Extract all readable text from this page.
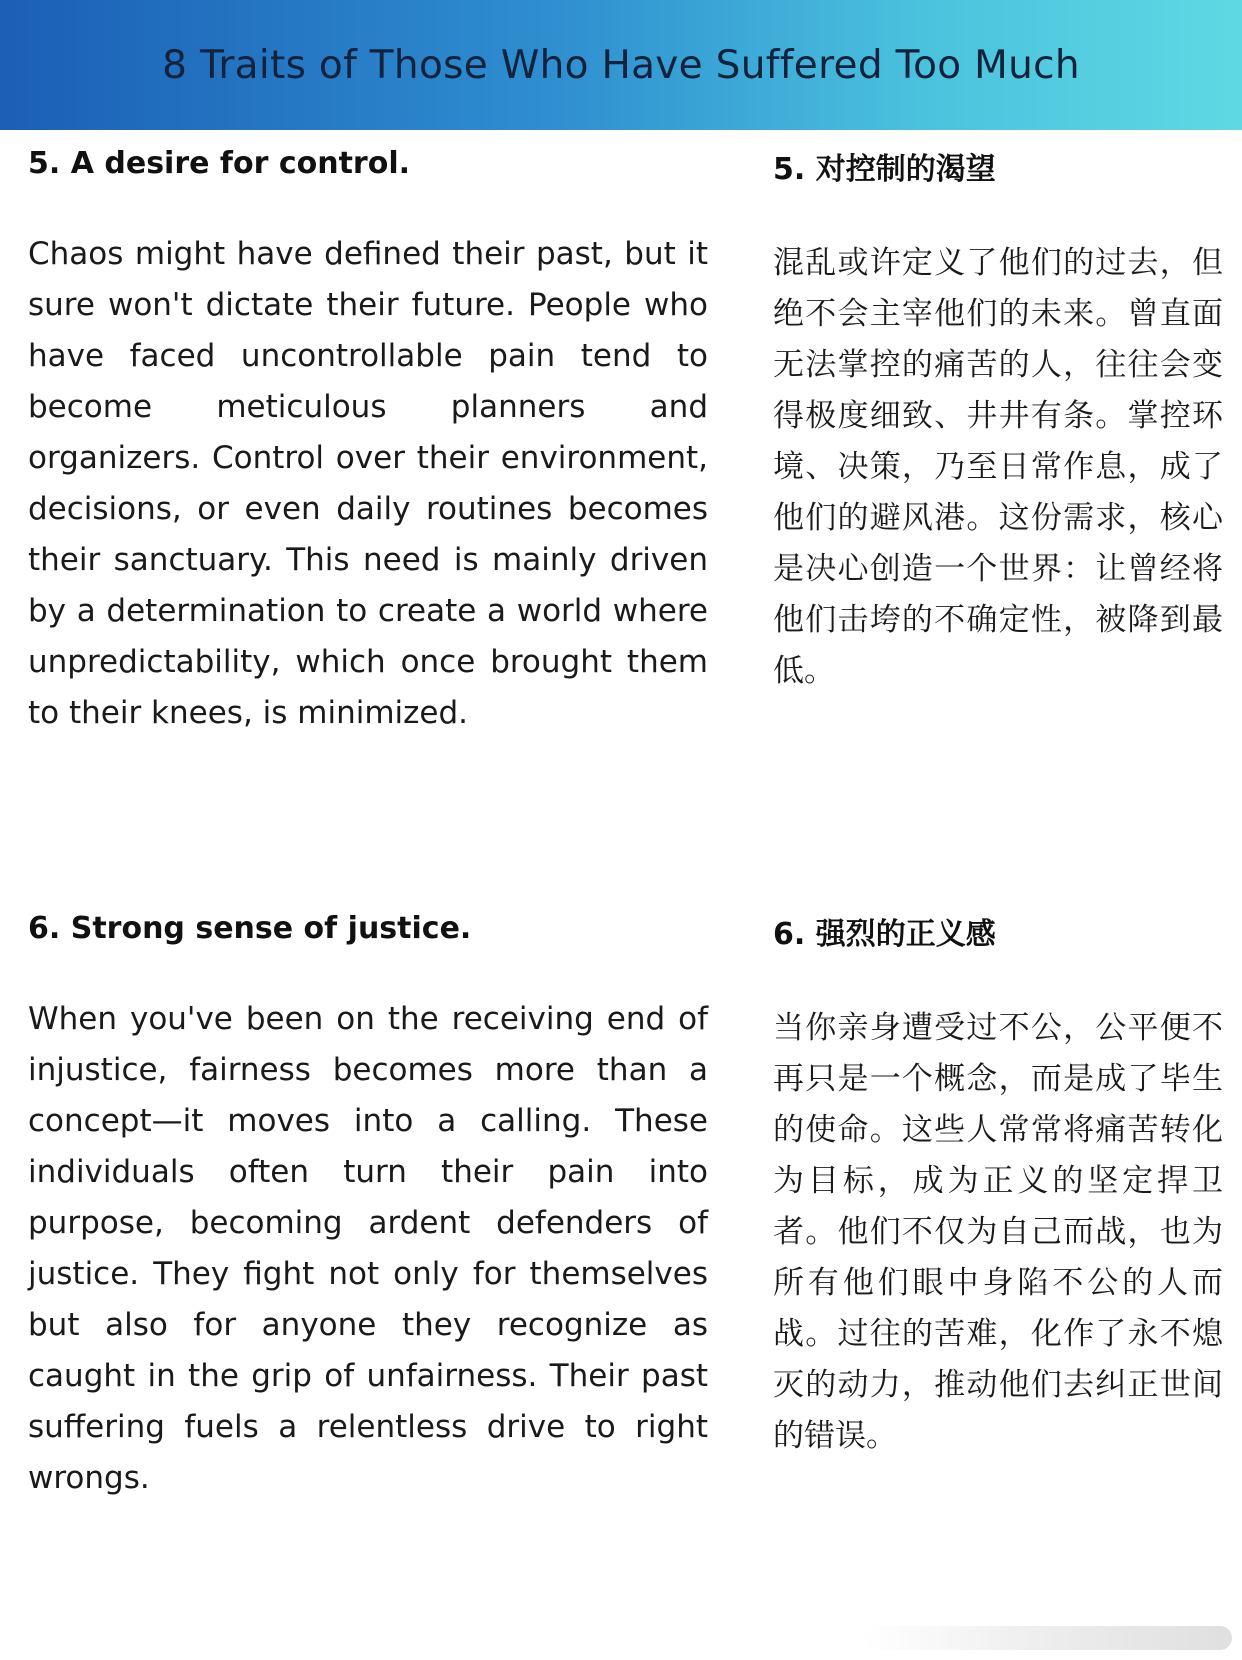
8 Traits of Those Who Have Suffered Too Much
5. A desire for control.

Chaos might have defined their past, but it sure won't dictate their future. People who have faced uncontrollable pain tend to become meticulous planners and organizers. Control over their environment, decisions, or even daily routines becomes their sanctuary. This need is mainly driven by a determination to create a world where unpredictability, which once brought them to their knees, is minimized.

5. 对控制的渴望

混乱或许定义了他们的过去，但绝不会主宰他们的未来。曾直面无法掌控的痛苦的人，往往会变得极度细致、井井有条。掌控环境、决策，乃至日常作息，成了他们的避风港。这份需求，核心是决心创造一个世界：让曾经将他们击垮的不确定性，被降到最低。

6. Strong sense of justice.

When you've been on the receiving end of injustice, fairness becomes more than a concept—it moves into a calling. These individuals often turn their pain into purpose, becoming ardent defenders of justice. They fight not only for themselves but also for anyone they recognize as caught in the grip of unfairness. Their past suffering fuels a relentless drive to right wrongs.

6. 强烈的正义感

当你亲身遭受过不公，公平便不再只是一个概念，而是成了毕生的使命。这些人常常将痛苦转化为目标，成为正义的坚定捍卫者。他们不仅为自己而战，也为所有他们眼中身陷不公的人而战。过往的苦难，化作了永不熄灭的动力，推动他们去纠正世间的错误。
